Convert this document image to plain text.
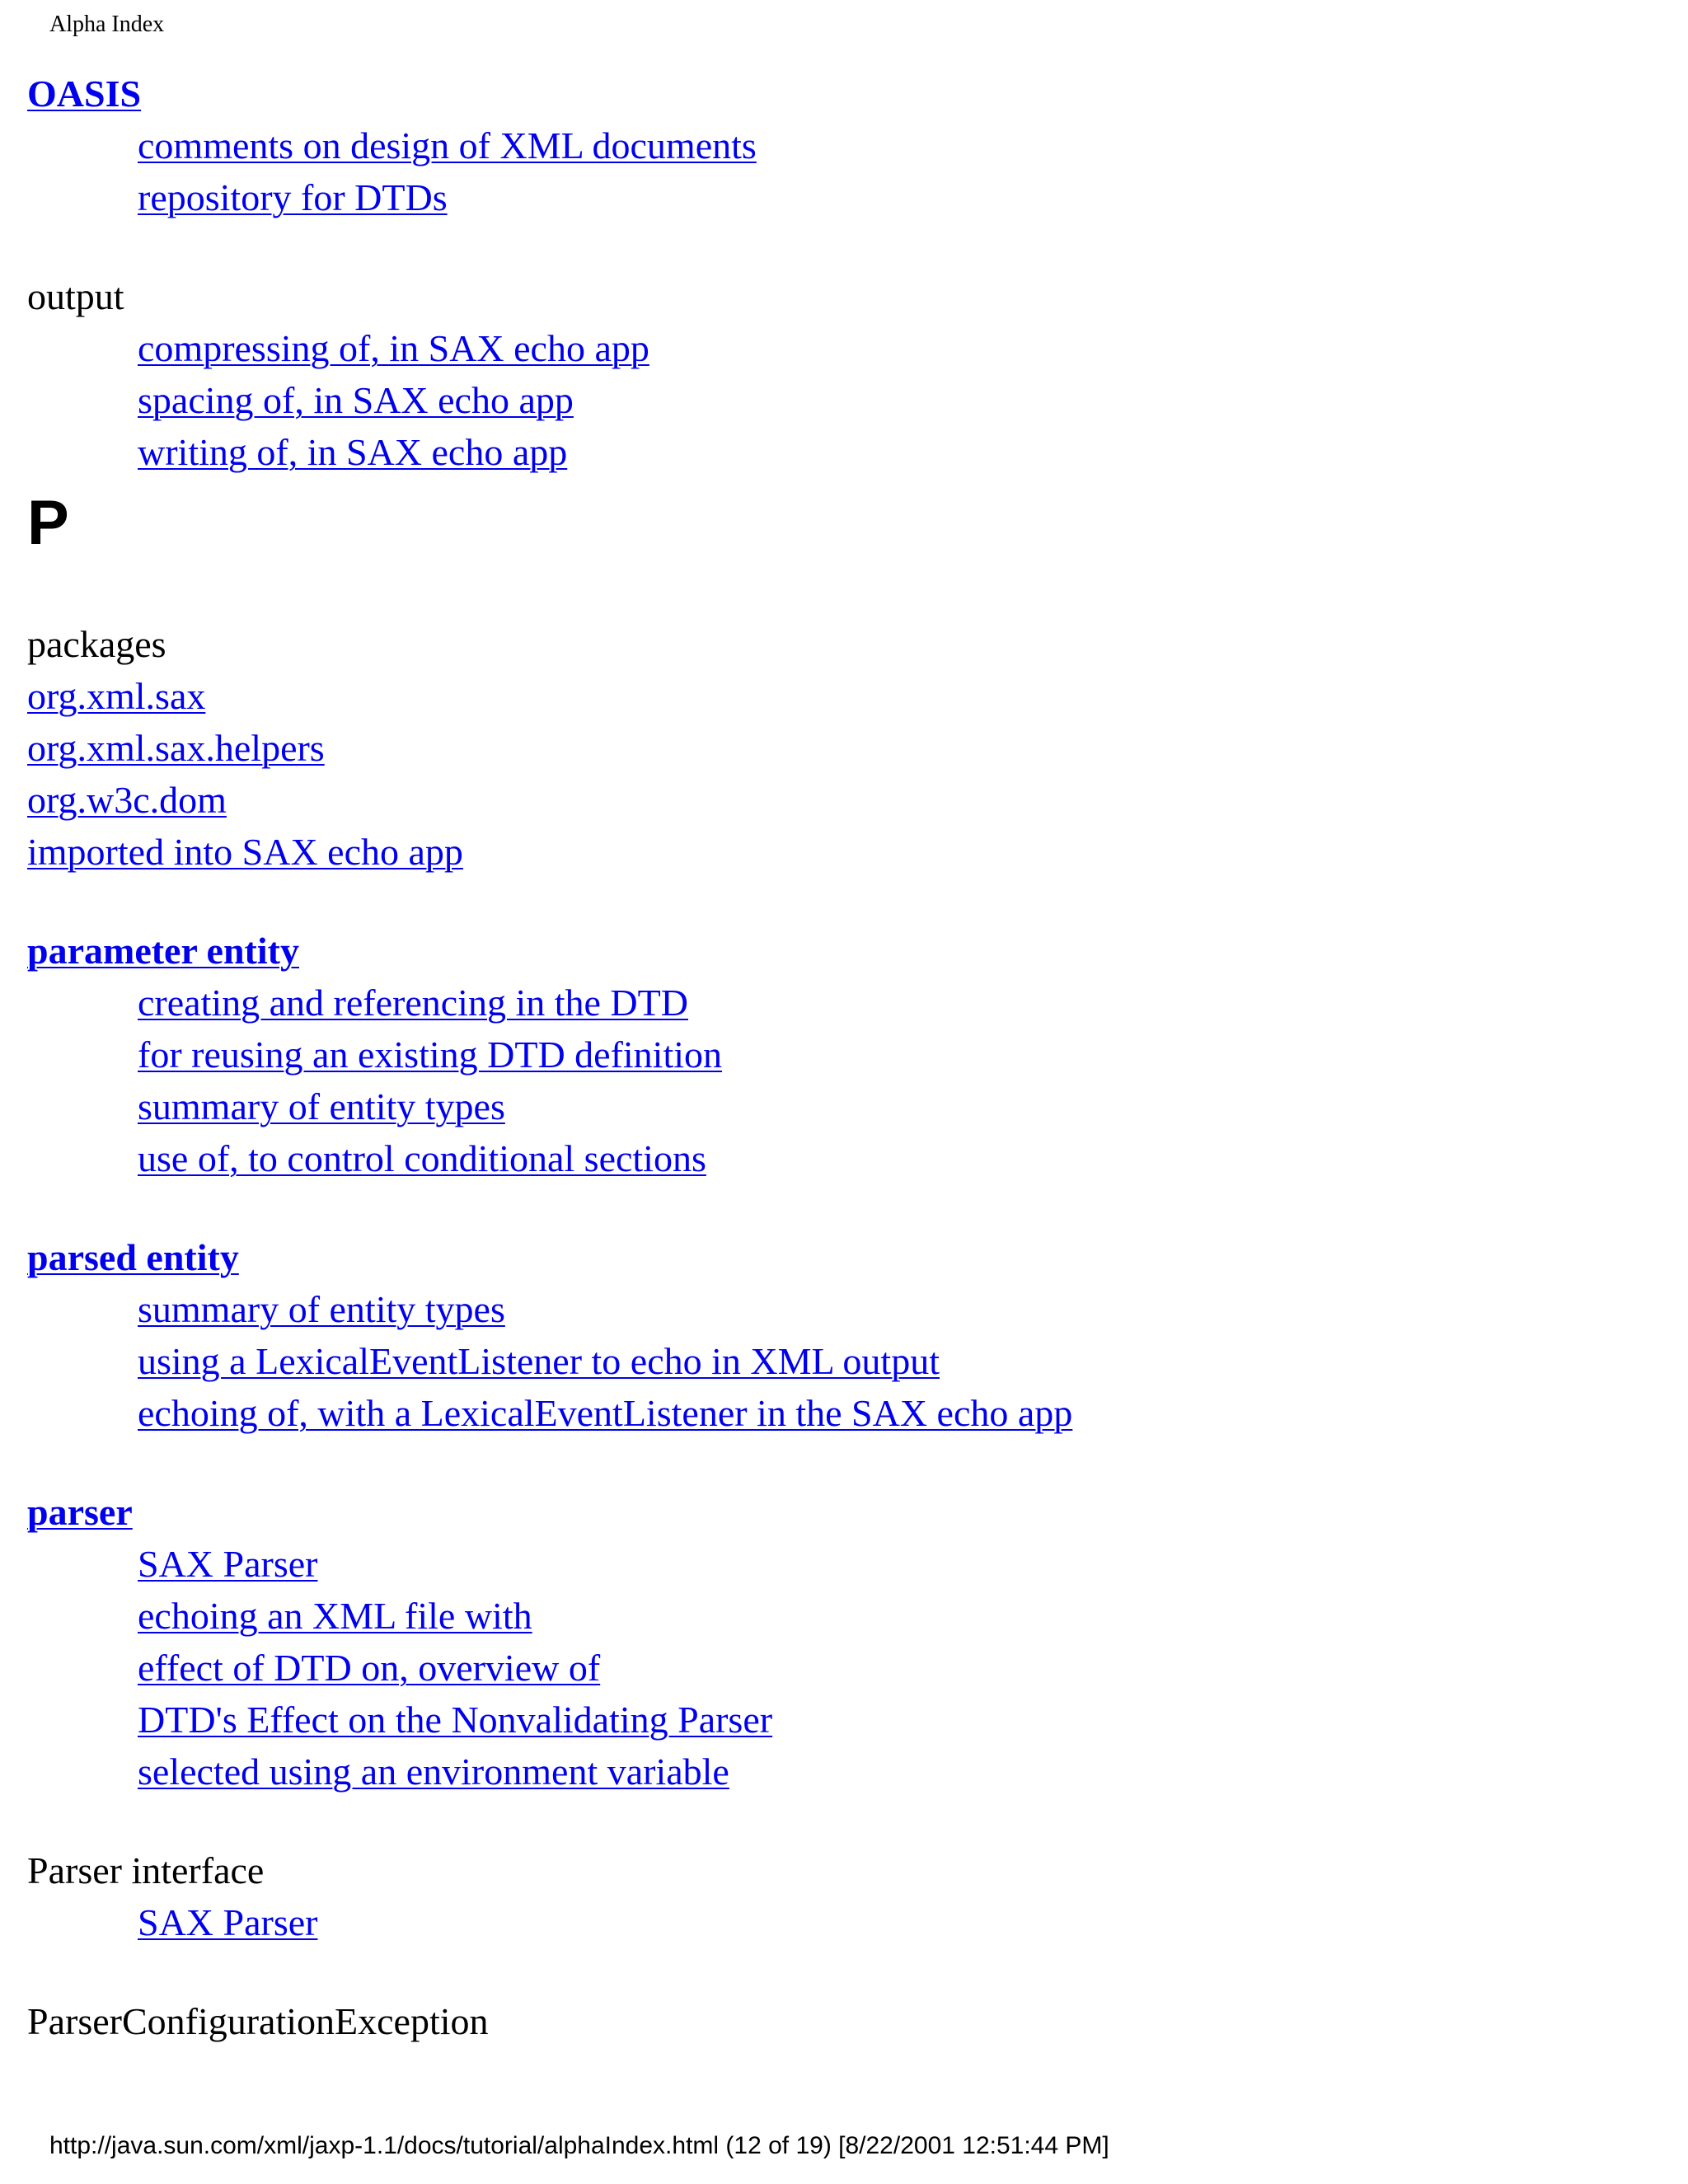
Alpha Index
OASIS
comments on design of XML documents
repository for DTDs
output
compressing of, in SAX echo app
spacing of, in SAX echo app
writing of, in SAX echo app
P
packages
org.xml.sax
org.xml.sax.helpers
org.w3c.dom
imported into SAX echo app
parameter entity
creating and referencing in the DTD
for reusing an existing DTD definition
summary of entity types
use of, to control conditional sections
parsed entity
summary of entity types
using a LexicalEventListener to echo in XML output
echoing of, with a LexicalEventListener in the SAX echo app
parser
SAX Parser
echoing an XML file with
effect of DTD on, overview of
DTD's Effect on the Nonvalidating Parser
selected using an environment variable
Parser interface
SAX Parser
ParserConfigurationException
http://java.sun.com/xml/jaxp-1.1/docs/tutorial/alphaIndex.html (12 of 19) [8/22/2001 12:51:44 PM]
